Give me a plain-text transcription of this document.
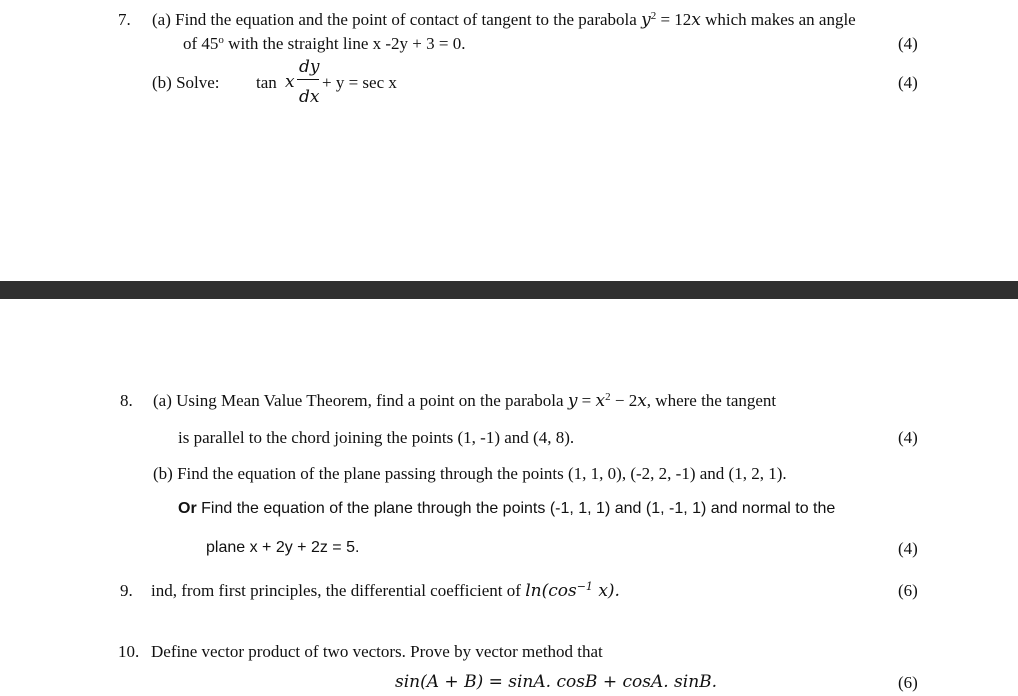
7. (a) Find the equation and the point of contact of tangent to the parabola $y^2 = 12x$ which makes an angle
of 45$^o$ with the straight line x -2y + 3 = 0.	(4)
(b) Solve: tan x
dy
dx
+ y = sec x	(4)
8. (a) Using Mean Value Theorem, find a point on the parabola $y = x^2 - 2x$, where the tangent
is parallel to the chord joining the points (1, -1) and (4, 8).	(4)
(b) Find the equation of the plane passing through the points (1, 1, 0), (-2, 2, -1) and (1, 2, 1).
Or Find the equation of the plane through the points (-1, 1, 1) and (1, -1, 1) and normal to the
plane x + 2y + 2z = 5.	(4)
9. ind, from first principles, the differential coefficient of $\ln(\cos^{-1}$ x).	(6)
10. Define vector product of two vectors. Prove by vector method that
sin(A + B) = sinA. cosB + cosA. sinB.	(6)
